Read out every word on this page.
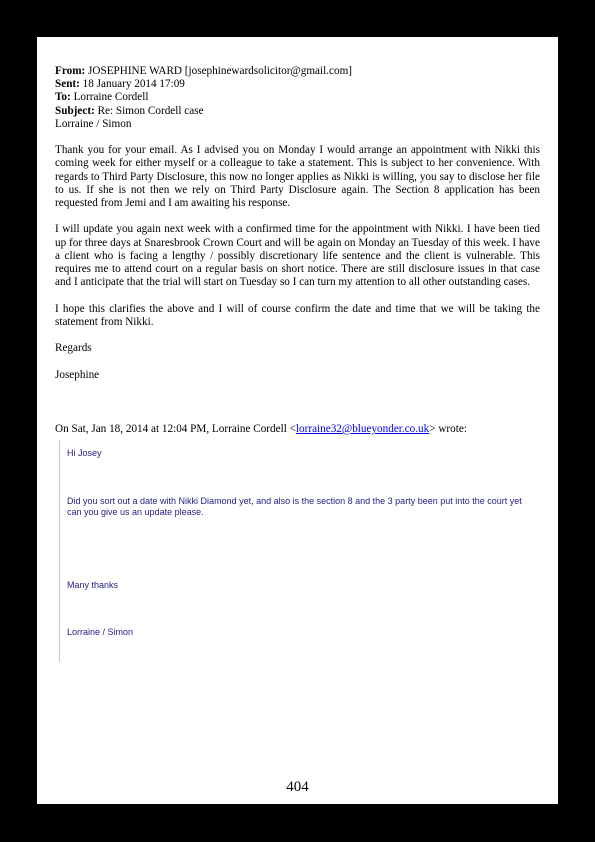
From: JOSEPHINE WARD [josephinewardsolicitor@gmail.com]
Sent: 18 January 2014 17:09
To: Lorraine Cordell
Subject: Re: Simon Cordell case
Lorraine / Simon

Thank you for your email. As I advised you on Monday I would arrange an appointment with Nikki this coming week for either myself or a colleague to take a statement. This is subject to her convenience. With regards to Third Party Disclosure, this now no longer applies as Nikki is willing, you say to disclose her file to us. If she is not then we rely on Third Party Disclosure again. The Section 8 application has been requested from Jemi and I am awaiting his response.

I will update you again next week with a confirmed time for the appointment with Nikki. I have been tied up for three days at Snaresbrook Crown Court and will be again on Monday an Tuesday of this week. I have a client who is facing a lengthy / possibly discretionary life sentence and the client is vulnerable. This requires me to attend court on a regular basis on short notice. There are still disclosure issues in that case and I anticipate that the trial will start on Tuesday so I can turn my attention to all other outstanding cases.

I hope this clarifies the above and I will of course confirm the date and time that we will be taking the statement from Nikki.

Regards

Josephine

On Sat, Jan 18, 2014 at 12:04 PM, Lorraine Cordell <lorraine32@blueyonder.co.uk> wrote:
Hi Josey
Did you sort out a date with Nikki Diamond yet, and also is the section 8 and the 3 party been put into the court yet can you give us an update please.
Many thanks
Lorraine / Simon
404
